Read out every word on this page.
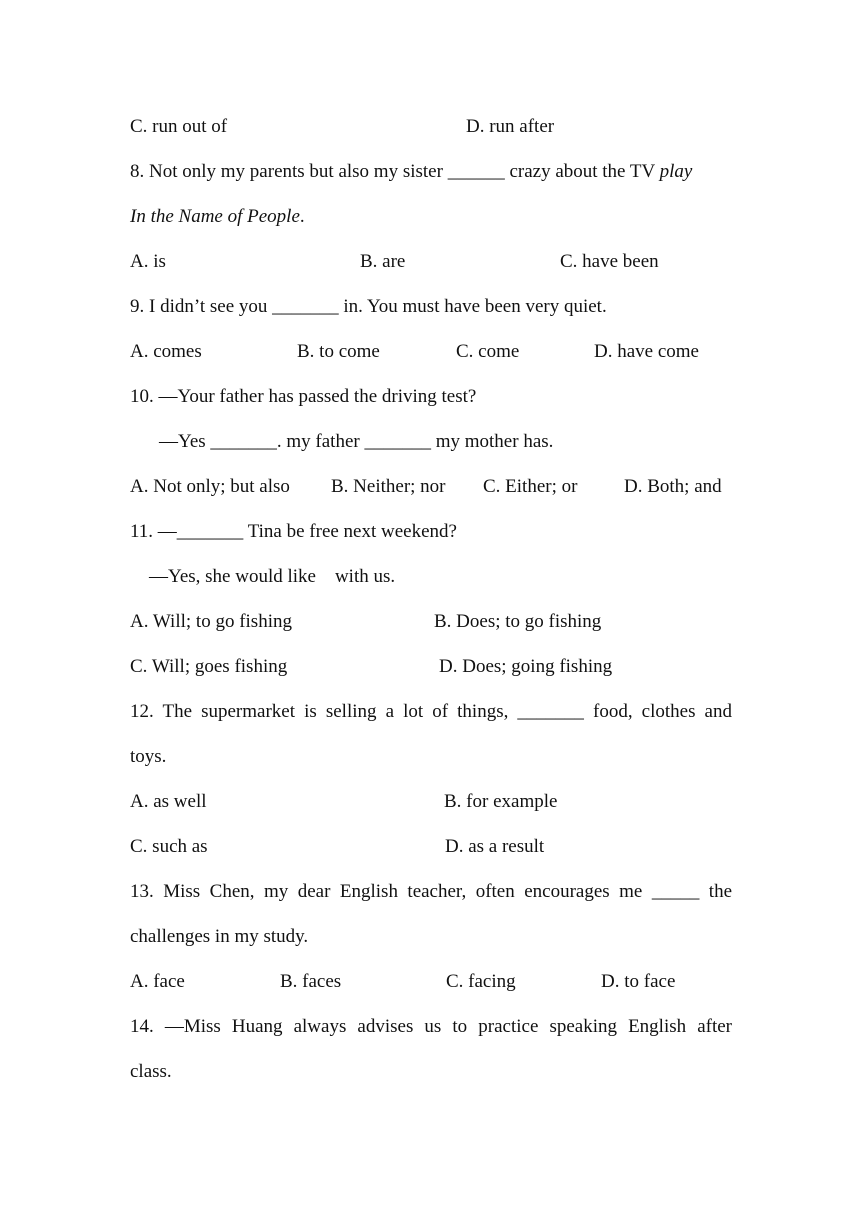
C. run out of	D. run after
8. Not only my parents but also my sister ______ crazy about the TV play
In the Name of People.
A. is	B. are	C. have been
9. I didn’t see you _______ in. You must have been very quiet.
A. comes	B. to come	C. come	D. have come
10. —Your father has passed the driving test?
—Yes _______. my father _______ my mother has.
A. Not only; but also B. Neither; nor C. Either; or D. Both; and
11. —_______ Tina be free next weekend?
—Yes, she would like    with us.
A. Will; to go fishing	B. Does; to go fishing
C. Will; goes fishing	D. Does; going fishing
12. The supermarket is selling a lot of things, _______ food, clothes and
toys.
A. as well	B. for example
C. such as	D. as a result
13. Miss Chen, my dear English teacher, often encourages me _____ the
challenges in my study.
A. face	B. faces	C. facing	D. to face
14. —Miss Huang always advises us to practice speaking English after
class.
